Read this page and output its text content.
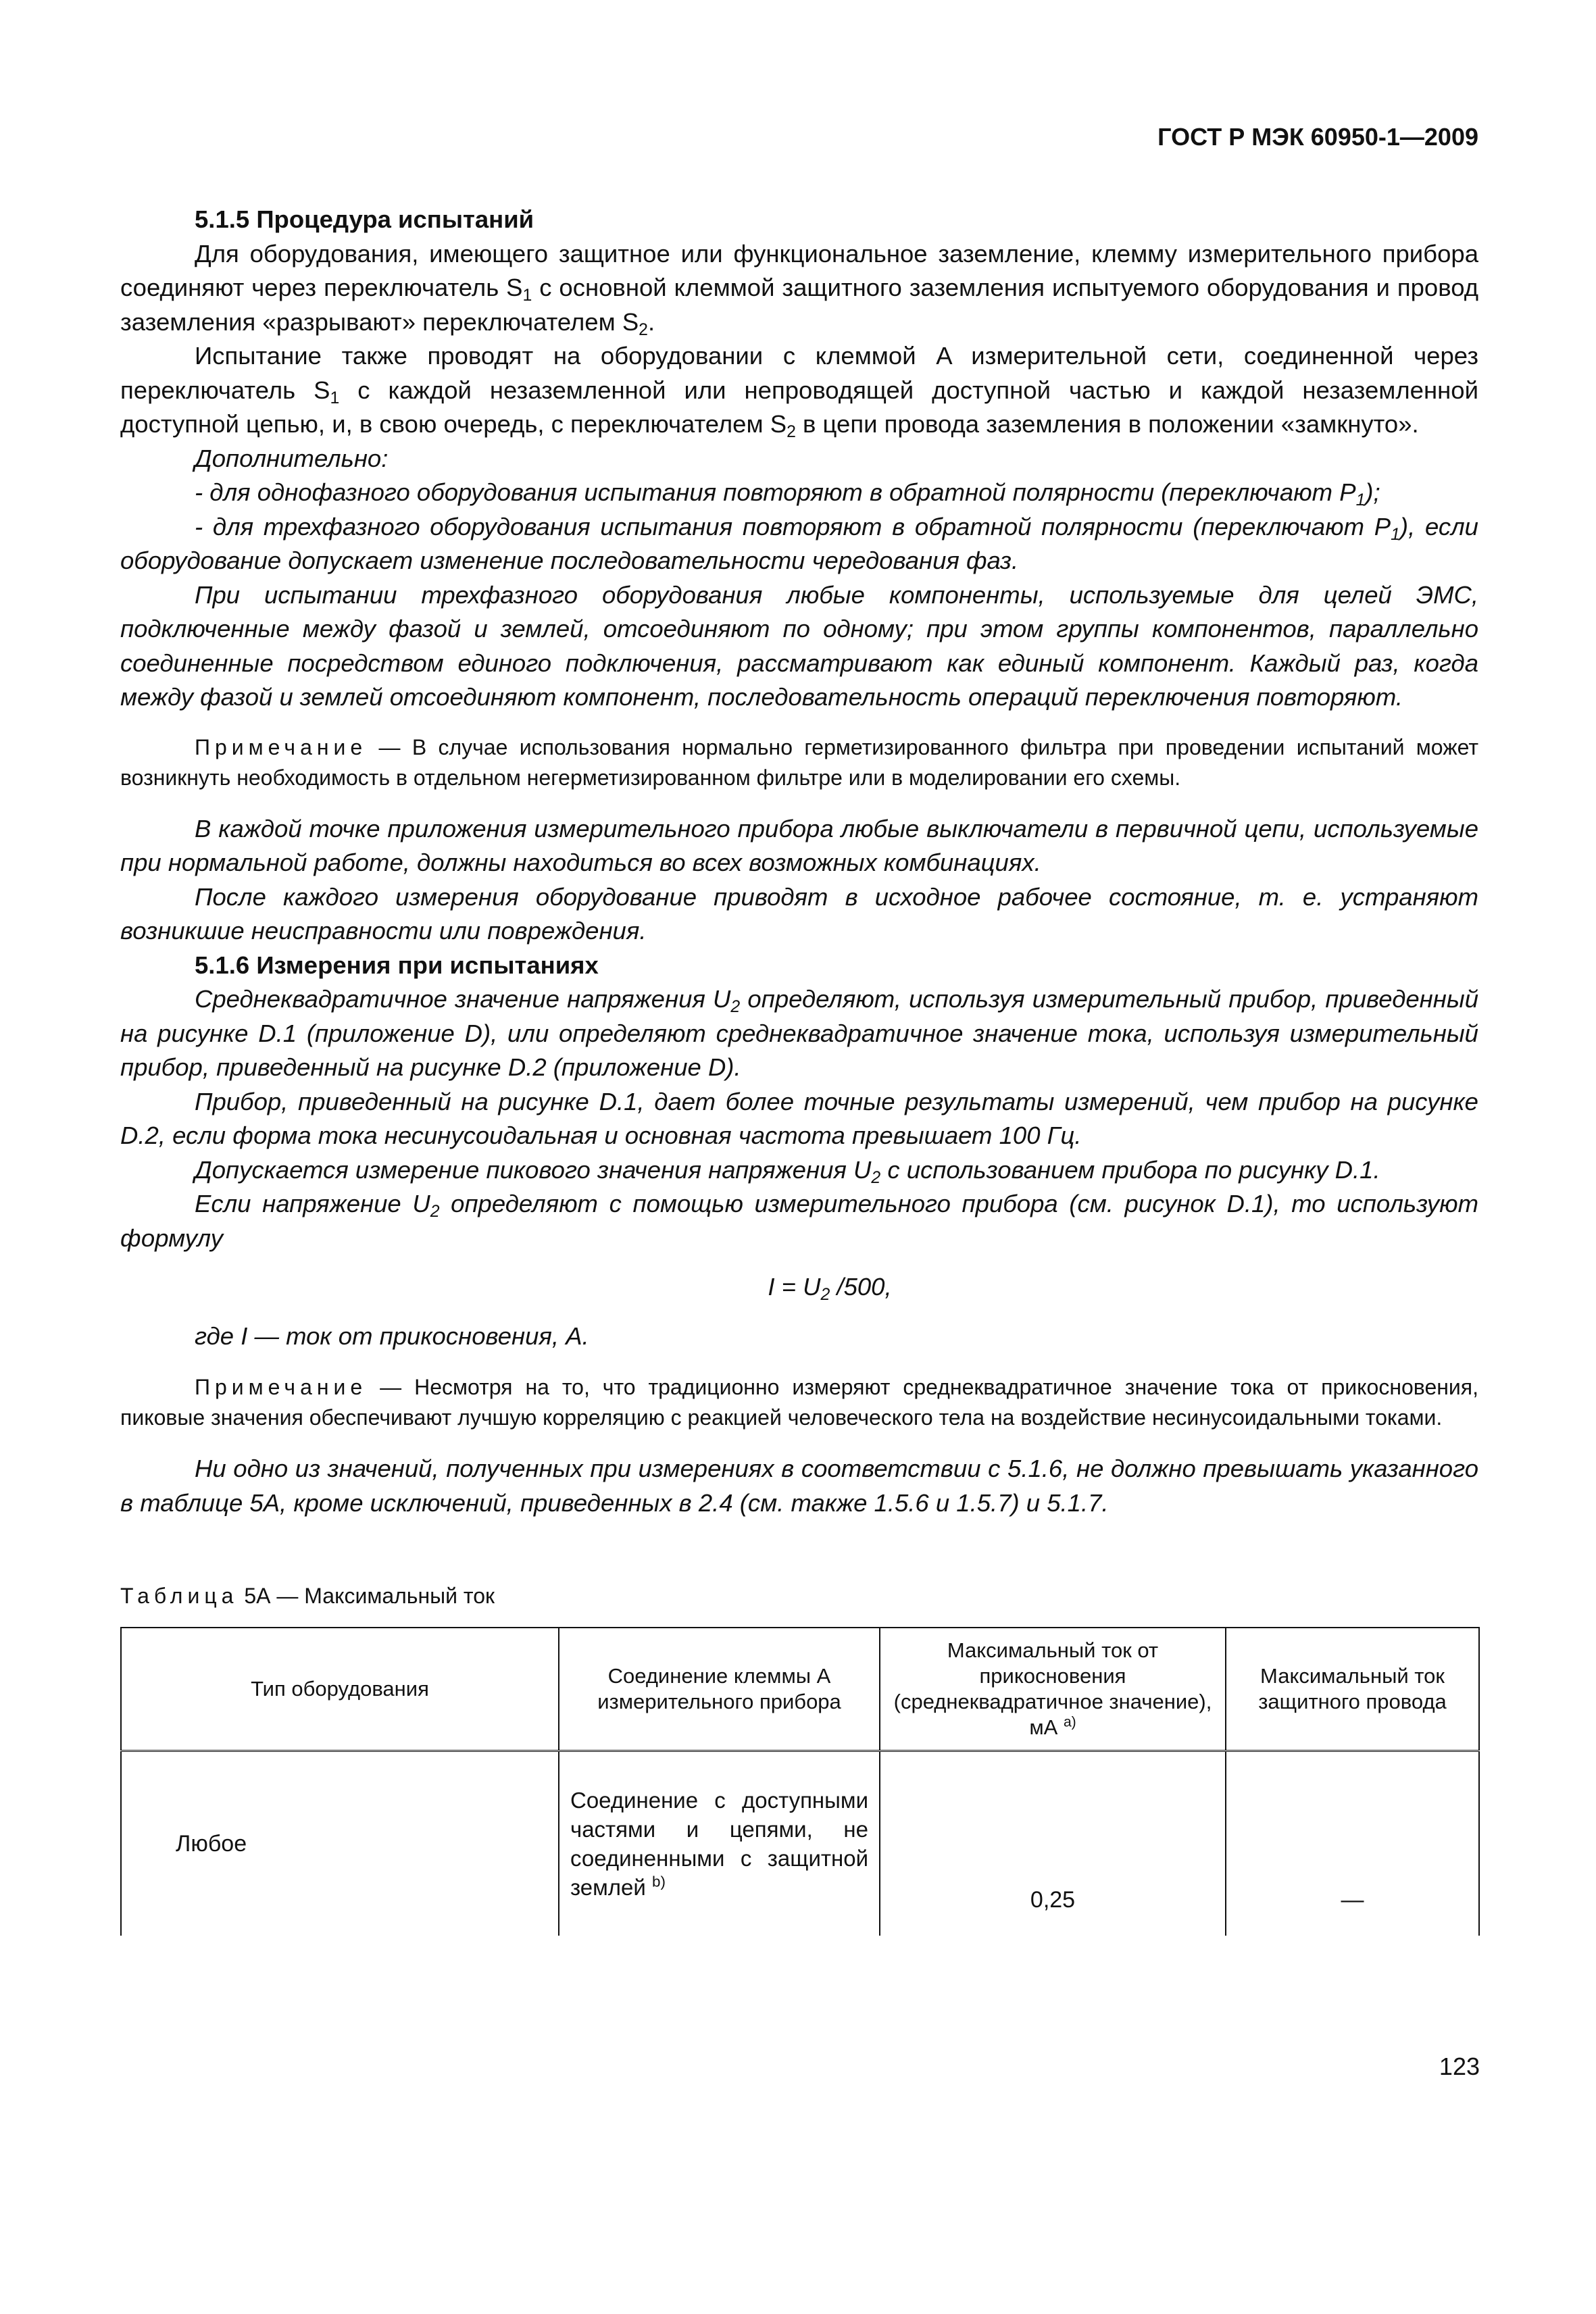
ГОСТ Р МЭК 60950-1—2009

5.1.5 Процедура испытаний

Для оборудования, имеющего защитное или функциональное заземление, клемму измерительного прибора соединяют через переключатель $S_1$ с основной клеммой защитного заземления испытуемого оборудования и провод заземления «разрывают» переключателем $S_2$.

Испытание также проводят на оборудовании с клеммой A измерительной сети, соединенной через переключатель $S_1$ с каждой незаземленной или непроводящей доступной частью и каждой незаземленной доступной цепью, и, в свою очередь, с переключателем $S_2$ в цепи провода заземления в положении «замкнуто».

Дополнительно:

- для однофазного оборудования испытания повторяют в обратной полярности (переключают $P_1$);

- для трехфазного оборудования испытания повторяют в обратной полярности (переключают $P_1$), если оборудование допускает изменение последовательности чередования фаз.

При испытании трехфазного оборудования любые компоненты, используемые для целей ЭМС, подключенные между фазой и землей, отсоединяют по одному; при этом группы компонентов, параллельно соединенные посредством единого подключения, рассматривают как единый компонент. Каждый раз, когда между фазой и землей отсоединяют компонент, последовательность операций переключения повторяют.

Примечание — В случае использования нормально герметизированного фильтра при проведении испытаний может возникнуть необходимость в отдельном негерметизированном фильтре или в моделировании его схемы.

В каждой точке приложения измерительного прибора любые выключатели в первичной цепи, используемые при нормальной работе, должны находиться во всех возможных комбинациях.

После каждого измерения оборудование приводят в исходное рабочее состояние, т. е. устраняют возникшие неисправности или повреждения.

5.1.6 Измерения при испытаниях

Среднеквадратичное значение напряжения $U_2$ определяют, используя измерительный прибор, приведенный на рисунке D.1 (приложение D), или определяют среднеквадратичное значение тока, используя измерительный прибор, приведенный на рисунке D.2 (приложение D).

Прибор, приведенный на рисунке D.1, дает более точные результаты измерений, чем прибор на рисунке D.2, если форма тока несинусоидальная и основная частота превышает 100 Гц.

Допускается измерение пикового значения напряжения $U_2$ с использованием прибора по рисунку D.1.

Если напряжение $U_2$ определяют с помощью измерительного прибора (см. рисунок D.1), то используют формулу

$I = U_2$ /500,

где I — ток от прикосновения, А.

Примечание — Несмотря на то, что традиционно измеряют среднеквадратичное значение тока от прикосновения, пиковые значения обеспечивают лучшую корреляцию с реакцией человеческого тела на воздействие несинусоидальными токами.

Ни одно из значений, полученных при измерениях в соответствии с 5.1.6, не должно превышать указанного в таблице 5А, кроме исключений, приведенных в 2.4 (см. также 1.5.6 и 1.5.7) и 5.1.7.

Таблица 5А — Максимальный ток

Тип оборудования	Соединение клеммы А измерительного прибора	Максимальный ток от прикосновения (среднеквадратичное значение), мА $^{а)}$	Максимальный ток защитного провода
Любое	Соединение с доступными частями и цепями, не соединенными с защитной землей $^{b)}$	0,25	—
123
